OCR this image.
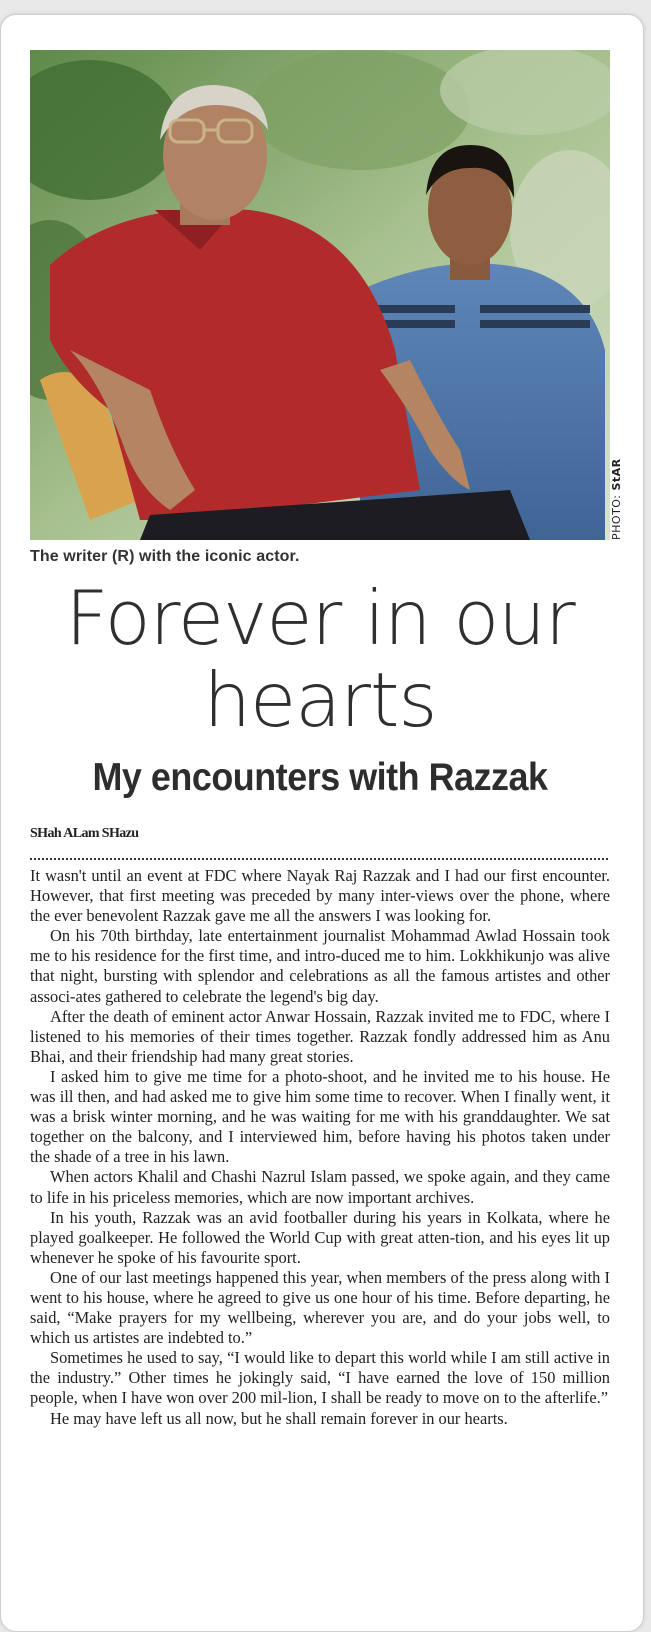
PHOTO: StAR
The writer (R) with the iconic actor.
Forever in our
hearts
My encounters with Razzak
SHah ALam SHazu

It wasn't until an event at FDC where Nayak Raj Razzak and I had our first encounter. However, that first meeting was preceded by many inter-views over the phone, where the ever benevolent Razzak gave me all the answers I was looking for.

On his 70th birthday, late entertainment journalist Mohammad Awlad Hossain took me to his residence for the first time, and intro-duced me to him. Lokkhikunjo was alive that night, bursting with splendor and celebrations as all the famous artistes and other associ-ates gathered to celebrate the legend's big day.

After the death of eminent actor Anwar Hossain, Razzak invited me to FDC, where I listened to his memories of their times together. Razzak fondly addressed him as Anu Bhai, and their friendship had many great stories.

I asked him to give me time for a photo-shoot, and he invited me to his house. He was ill then, and had asked me to give him some time to recover. When I finally went, it was a brisk winter morning, and he was waiting for me with his granddaughter. We sat together on the balcony, and I interviewed him, before having his photos taken under the shade of a tree in his lawn.

When actors Khalil and Chashi Nazrul Islam passed, we spoke again, and they came to life in his priceless memories, which are now important archives.

In his youth, Razzak was an avid footballer during his years in Kolkata, where he played goalkeeper. He followed the World Cup with great atten-tion, and his eyes lit up whenever he spoke of his favourite sport.

One of our last meetings happened this year, when members of the press along with I went to his house, where he agreed to give us one hour of his time. Before departing, he said, “Make prayers for my wellbeing, wherever you are, and do your jobs well, to which us artistes are indebted to.”

Sometimes he used to say, “I would like to depart this world while I am still active in the industry.” Other times he jokingly said, “I have earned the love of 150 million people, when I have won over 200 mil-lion, I shall be ready to move on to the afterlife.”

He may have left us all now, but he shall remain forever in our hearts.
